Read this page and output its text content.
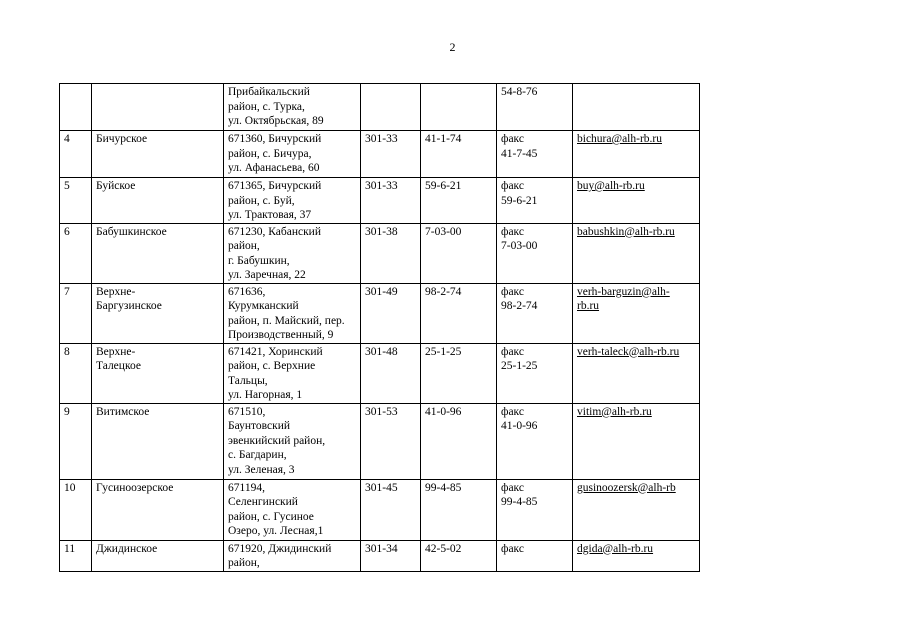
2

		Прибайкальский
район, с. Турка,
ул. Октябрьская, 89			54-8-76	

4	Бичурское	671360, Бичурский
район, с. Бичура,
ул. Афанасьева, 60	301-33	41-1-74	факс
41-7-45	bichura@alh-rb.ru

5	Буйское	671365, Бичурский
район, с. Буй,
ул. Трактовая, 37	301-33	59-6-21	факс
59-6-21	buy@alh-rb.ru

6	Бабушкинское	671230, Кабанский
район,
г. Бабушкин,
ул. Заречная, 22	301-38	7-03-00	факс
7-03-00	babushkin@alh-rb.ru

7	Верхне-
Баргузинское	671636,
Курумканский
район, п. Майский, пер.
Производственный, 9	301-49	98-2-74	факс
98-2-74	verh-barguzin@alh-
rb.ru

8	Верхне-
Талецкое	671421, Хоринский
район, с. Верхние
Тальцы,
ул. Нагорная, 1	301-48	25-1-25	факс
25-1-25	verh-taleck@alh-rb.ru

9	Витимское	671510,
Баунтовский
эвенкийский район,
с. Багдарин,
ул. Зеленая, 3	301-53	41-0-96	факс
41-0-96	vitim@alh-rb.ru

10	Гусиноозерское	671194,
Селенгинский
район, с. Гусиное
Озеро, ул. Лесная,1	301-45	99-4-85	факс
99-4-85	gusinoozersk@alh-rb

11	Джидинское	671920, Джидинский
район,	301-34	42-5-02	факс	dgida@alh-rb.ru
